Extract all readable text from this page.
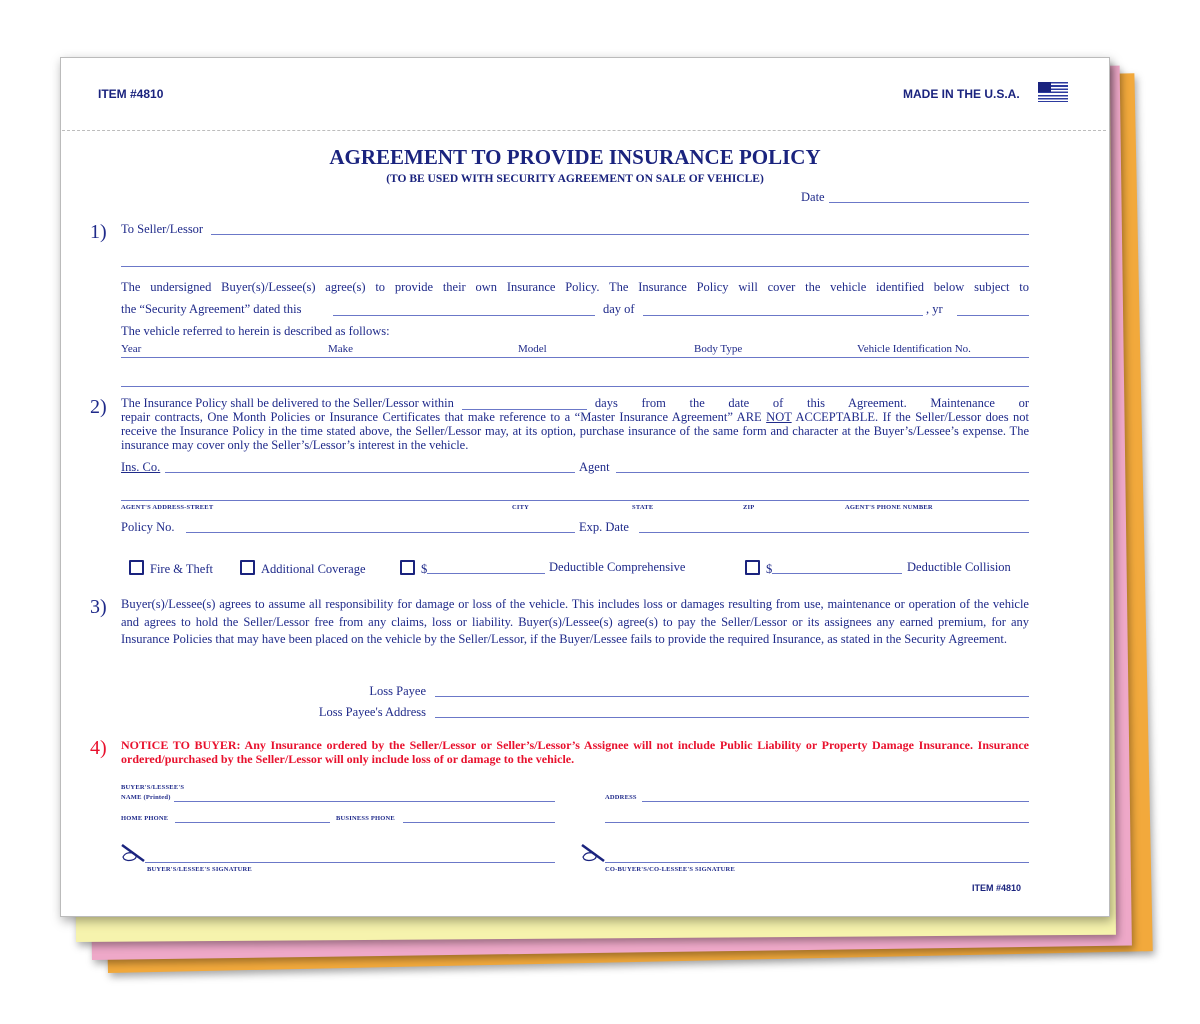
ITEM #4810	MADE IN THE U.S.A.
AGREEMENT TO PROVIDE INSURANCE POLICY
(TO BE USED WITH SECURITY AGREEMENT ON SALE OF VEHICLE)
Date
1) To Seller/Lessor
The undersigned Buyer(s)/Lessee(s) agree(s) to provide their own Insurance Policy. The Insurance Policy will cover the vehicle identified below subject to
the “Security Agreement” dated this	day of	, yr
The vehicle referred to herein is described as follows:
Year	Make	Model	Body Type	Vehicle Identification No.
2) The Insurance Policy shall be delivered to the Seller/Lessor within	days from the date of this Agreement. Maintenance or
repair contracts, One Month Policies or Insurance Certificates that make reference to a “Master Insurance Agreement” ARE NOT ACCEPTABLE. If the Seller/Lessor does not receive the Insurance Policy in the time stated above, the Seller/Lessor may, at its option, purchase insurance of the same form and character at the Buyer’s/Lessee’s expense. The insurance may cover only the Seller’s/Lessor’s interest in the vehicle.
Ins. Co.	Agent
AGENT'S ADDRESS-STREET	CITY	STATE	ZIP	AGENT'S PHONE NUMBER
Policy No.	Exp. Date
Fire & Theft	Additional Coverage	$	Deductible Comprehensive	$	Deductible Collision
3) Buyer(s)/Lessee(s) agrees to assume all responsibility for damage or loss of the vehicle. This includes loss or damages resulting from use, maintenance or operation of the vehicle and agrees to hold the Seller/Lessor free from any claims, loss or liability. Buyer(s)/Lessee(s) agree(s) to pay the Seller/Lessor or its assignees any earned premium, for any Insurance Policies that may have been placed on the vehicle by the Seller/Lessor, if the Buyer/Lessee fails to provide the required Insurance, as stated in the Security Agreement.
Loss Payee
Loss Payee's Address
4) NOTICE TO BUYER: Any Insurance ordered by the Seller/Lessor or Seller’s/Lessor’s Assignee will not include Public Liability or Property Damage Insurance. Insurance ordered/purchased by the Seller/Lessor will only include loss of or damage to the vehicle.
BUYER'S/LESSEE'S
NAME (Printed)	ADDRESS
HOME PHONE	BUSINESS PHONE
BUYER'S/LESSEE'S SIGNATURE	CO-BUYER'S/CO-LESSEE'S SIGNATURE
ITEM #4810
